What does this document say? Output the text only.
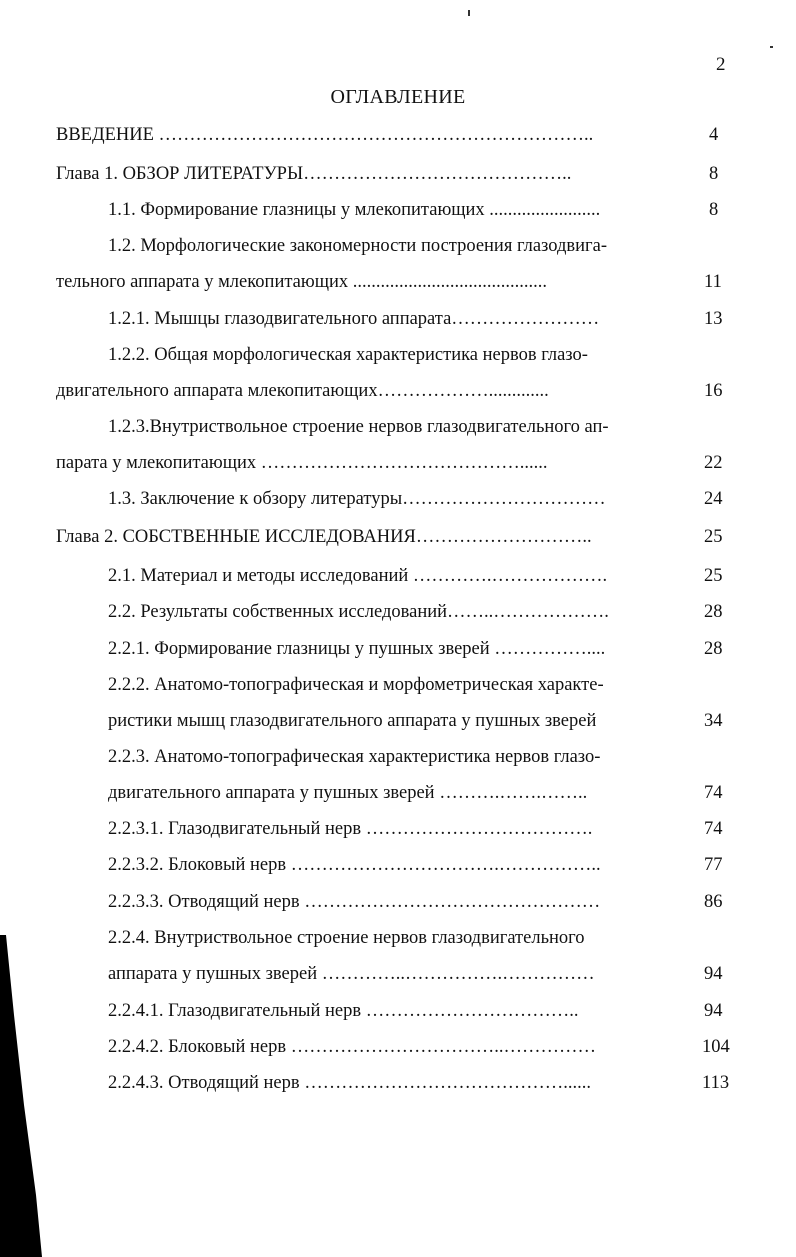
2
ОГЛАВЛЕНИЕ
ВВЕДЕНИЕ ……………………………………………………………..	4
Глава 1. ОБЗОР ЛИТЕРАТУРЫ……………………………………..	8
1.1. Формирование глазницы у млекопитающих ........................	8
1.2. Морфологические закономерности построения глазодвига-
тельного аппарата у млекопитающих ..........................................	11
1.2.1. Мышцы глазодвигательного аппарата……………………	13
1.2.2. Общая морфологическая характеристика нервов глазо-
двигательного аппарата млекопитающих……………….............	16
1.2.3.Внутриствольное строение нервов глазодвигательного ап-
парата у млекопитающих ……………………………………......	22
1.3. Заключение к обзору литературы……………………………	24
Глава 2. СОБСТВЕННЫЕ ИССЛЕДОВАНИЯ………………………..	25
2.1. Материал и методы исследований ………….……………….	25
2.2. Результаты собственных исследований……..……………….	28
2.2.1. Формирование глазницы у пушных зверей ……………....	28
2.2.2. Анатомо-топографическая и морфометрическая характе-
ристики мышц глазодвигательного аппарата у пушных зверей	34
2.2.3. Анатомо-топографическая характеристика нервов глазо-
двигательного аппарата у пушных зверей ……….…….……..	74
2.2.3.1. Глазодвигательный нерв ……………………………….	74
2.2.3.2. Блоковый нерв …………………………….……………..	77
2.2.3.3. Отводящий нерв …………………………………………	86
2.2.4. Внутриствольное строение нервов глазодвигательного
аппарата у пушных зверей …………..…………….……………	94
2.2.4.1. Глазодвигательный нерв ……………………………..	94
2.2.4.2. Блоковый нерв ……………………………..……………	104
2.2.4.3. Отводящий нерв ……………………………………......	113
